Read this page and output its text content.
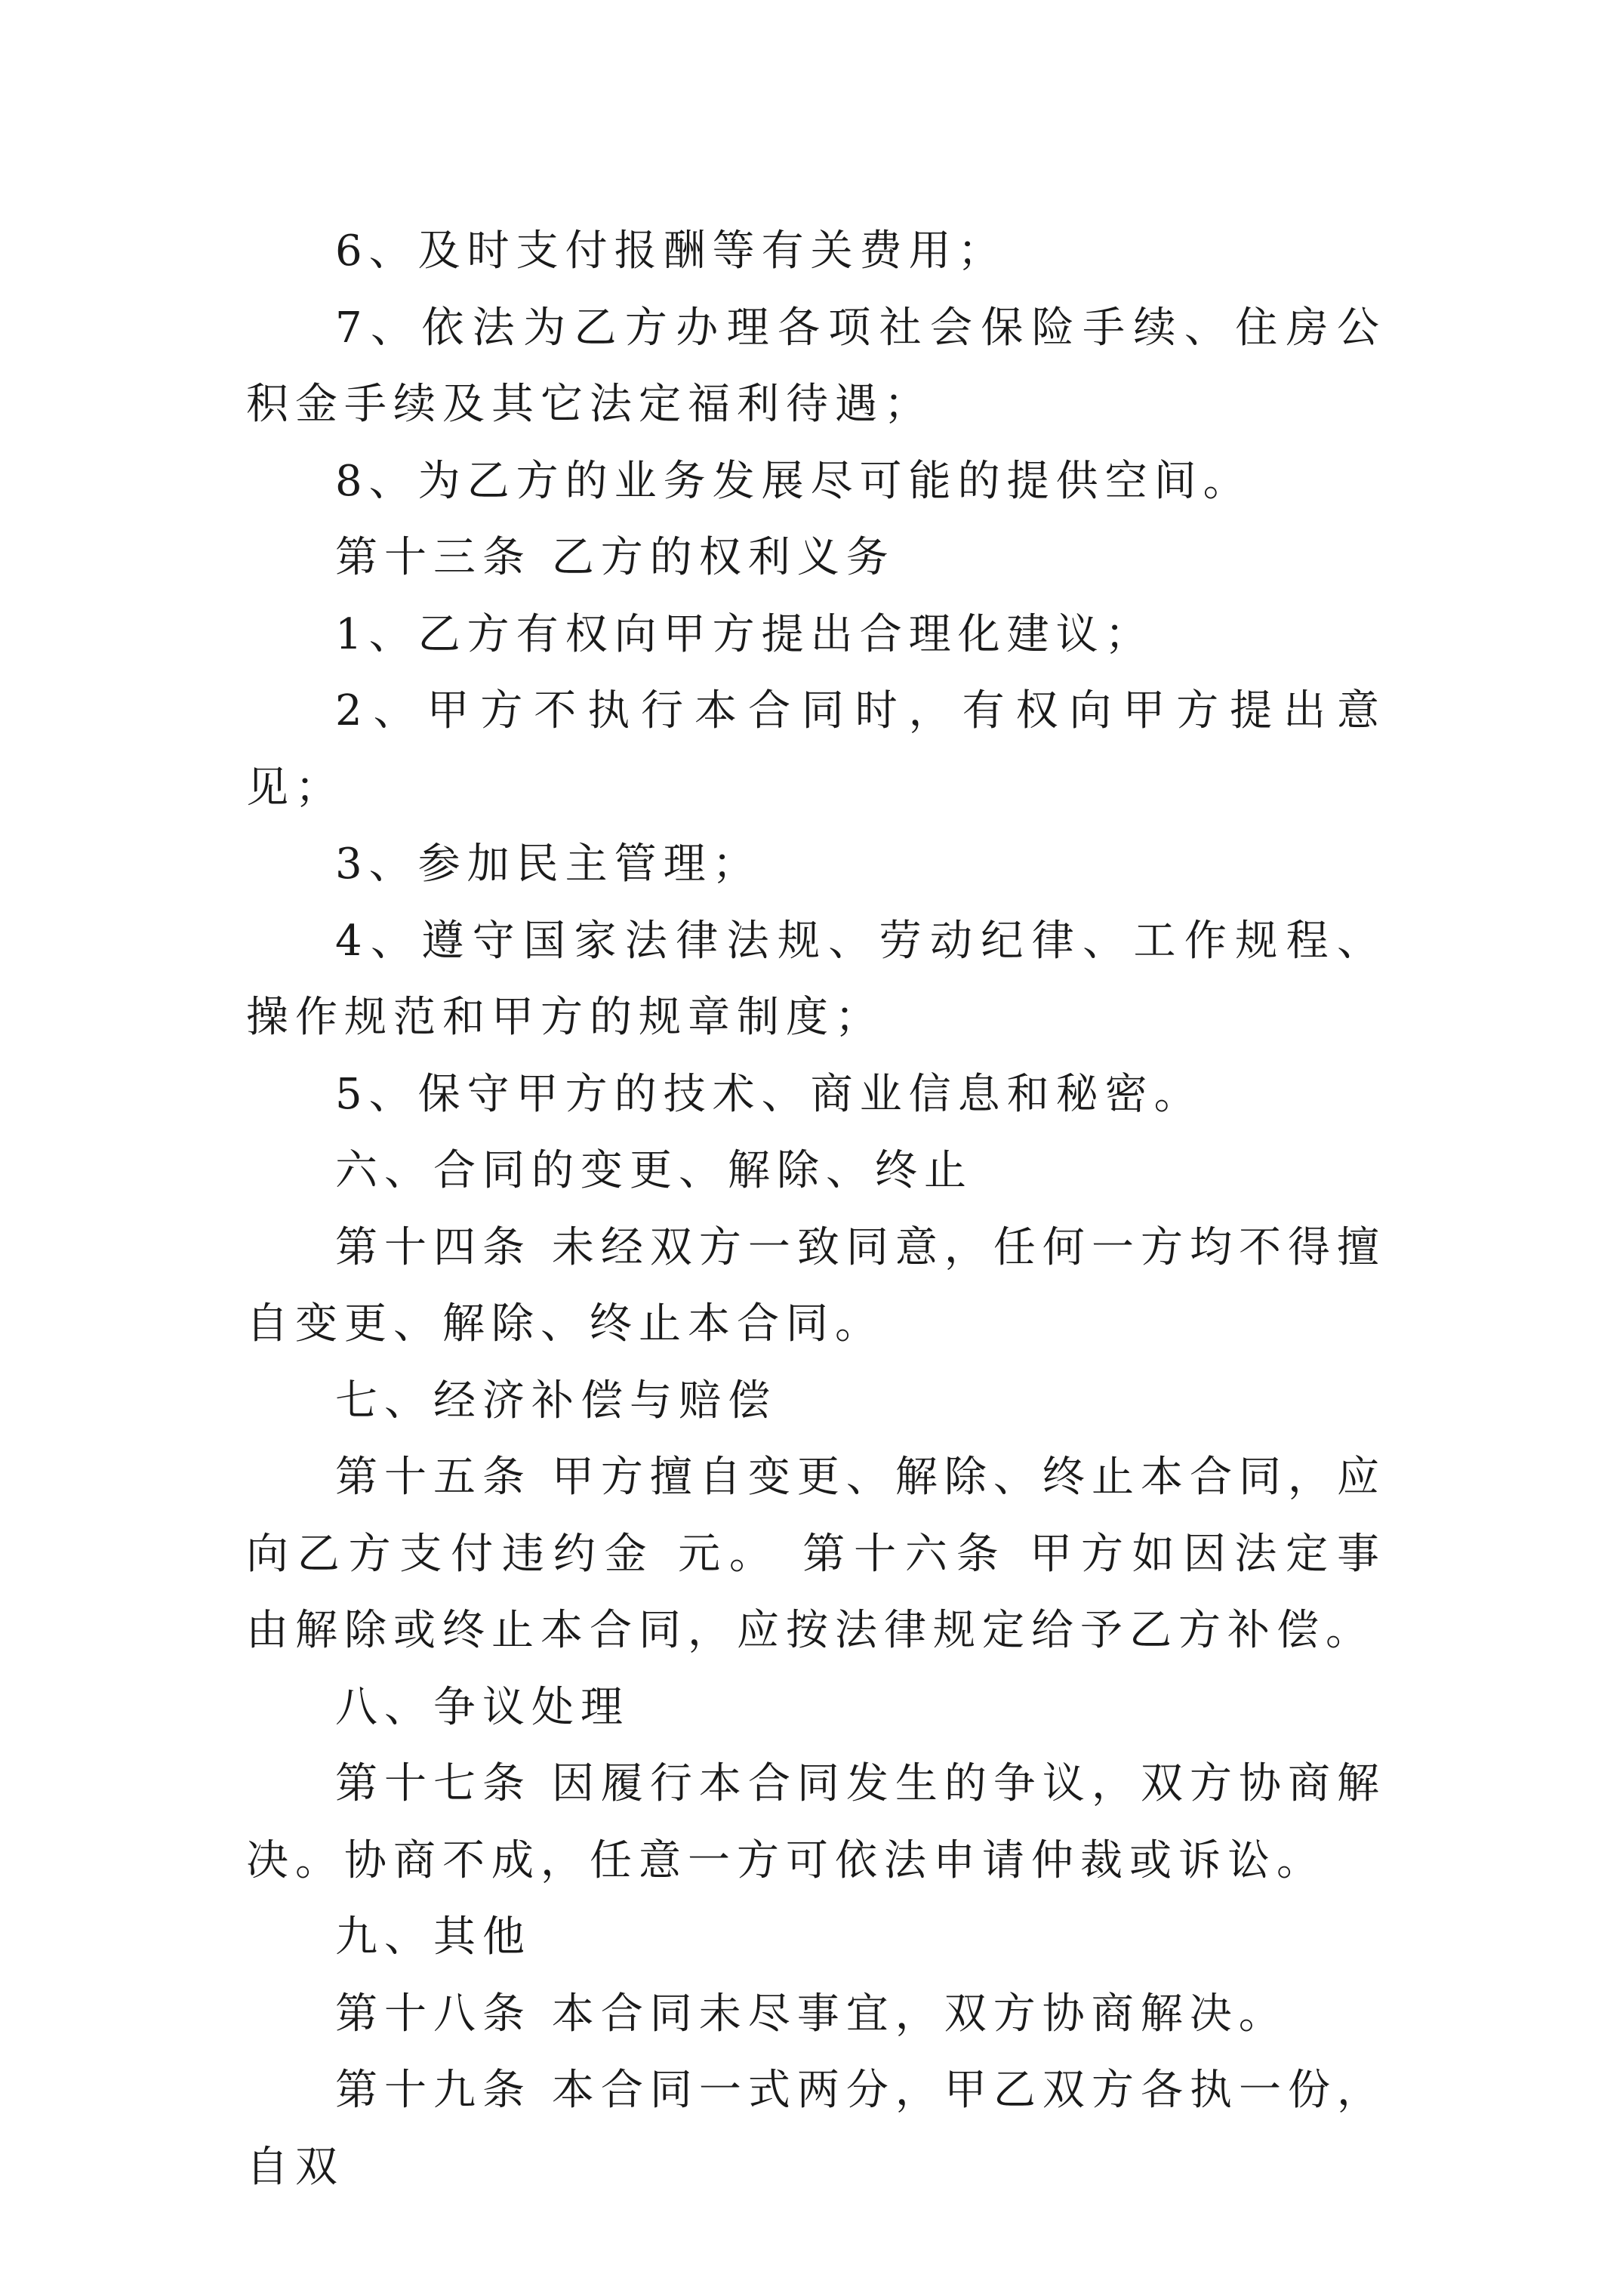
6、及时支付报酬等有关费用；

7、依法为乙方办理各项社会保险手续、住房公积金手续及其它法定福利待遇；

8、为乙方的业务发展尽可能的提供空间。

第十三条 乙方的权利义务

1、乙方有权向甲方提出合理化建议；

2、甲方不执行本合同时，有权向甲方提出意见；

3、参加民主管理；

4、遵守国家法律法规、劳动纪律、工作规程、操作规范和甲方的规章制度；

5、保守甲方的技术、商业信息和秘密。

六、合同的变更、解除、终止

第十四条 未经双方一致同意，任何一方均不得擅自变更、解除、终止本合同。

七、经济补偿与赔偿

第十五条 甲方擅自变更、解除、终止本合同，应向乙方支付违约金 元。 第十六条 甲方如因法定事由解除或终止本合同，应按法律规定给予乙方补偿。

八、争议处理

第十七条 因履行本合同发生的争议，双方协商解决。协商不成，任意一方可依法申请仲裁或诉讼。

九、其他

第十八条 本合同未尽事宜，双方协商解决。

第十九条 本合同一式两分，甲乙双方各执一份，自双
